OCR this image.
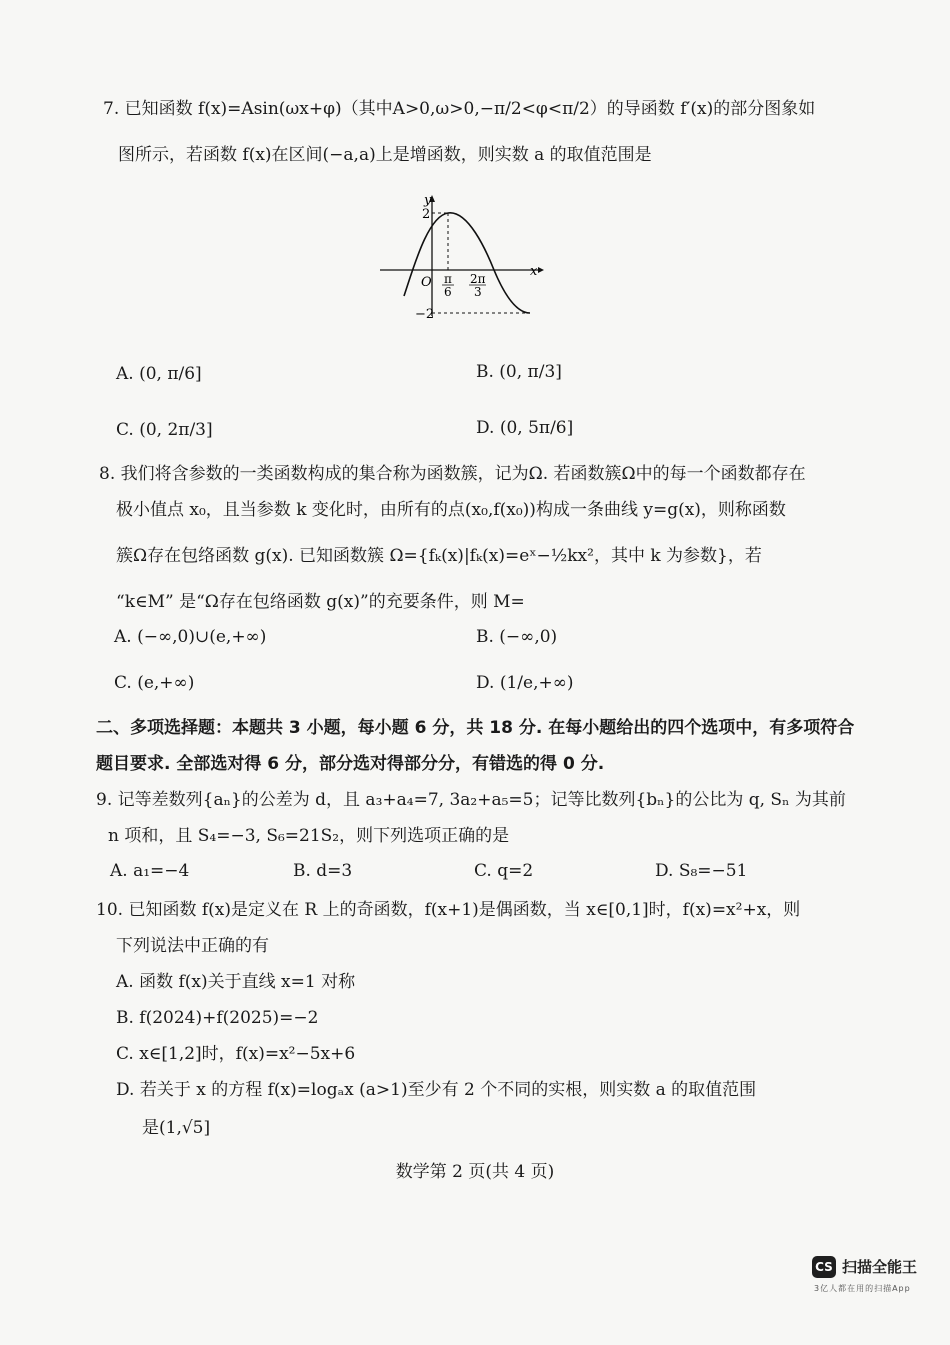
7. 已知函数 f(x)=Asin(ωx+φ)（其中A>0,ω>0,−π/2<φ<π/2）的导函数 f′(x)的部分图象如
图所示，若函数 f(x)在区间(−a,a)上是增函数，则实数 a 的取值范围是
y
x
O
2
−2
π
6
2π
3
A. (0, π/6]	B. (0, π/3]
C. (0, 2π/3]	D. (0, 5π/6]
8. 我们将含参数的一类函数构成的集合称为函数簇，记为Ω. 若函数簇Ω中的每一个函数都存在
极小值点 x₀，且当参数 k 变化时，由所有的点(x₀,f(x₀))构成一条曲线 y=g(x)，则称函数
簇Ω存在包络函数 g(x). 已知函数簇 Ω={fₖ(x)|fₖ(x)=eˣ−½kx²，其中 k 为参数}，若
“k∈M” 是“Ω存在包络函数 g(x)”的充要条件，则 M=
A. (−∞,0)∪(e,+∞)	B. (−∞,0)
C. (e,+∞)	D. (1/e,+∞)
二、多项选择题：本题共 3 小题，每小题 6 分，共 18 分. 在每小题给出的四个选项中，有多项符合
题目要求. 全部选对得 6 分，部分选对得部分分，有错选的得 0 分.
9. 记等差数列{aₙ}的公差为 d，且 a₃+a₄=7, 3a₂+a₅=5；记等比数列{bₙ}的公比为 q, Sₙ 为其前
n 项和，且 S₄=−3, S₆=21S₂，则下列选项正确的是
A. a₁=−4	B. d=3	C. q=2	D. S₈=−51
10. 已知函数 f(x)是定义在 R 上的奇函数，f(x+1)是偶函数，当 x∈[0,1]时，f(x)=x²+x，则
下列说法中正确的有
A. 函数 f(x)关于直线 x=1 对称
B. f(2024)+f(2025)=−2
C. x∈[1,2]时，f(x)=x²−5x+6
D. 若关于 x 的方程 f(x)=logₐx (a>1)至少有 2 个不同的实根，则实数 a 的取值范围
是(1,√5]
数学第 2 页(共 4 页)
CS 扫描全能王
3亿人都在用的扫描App
